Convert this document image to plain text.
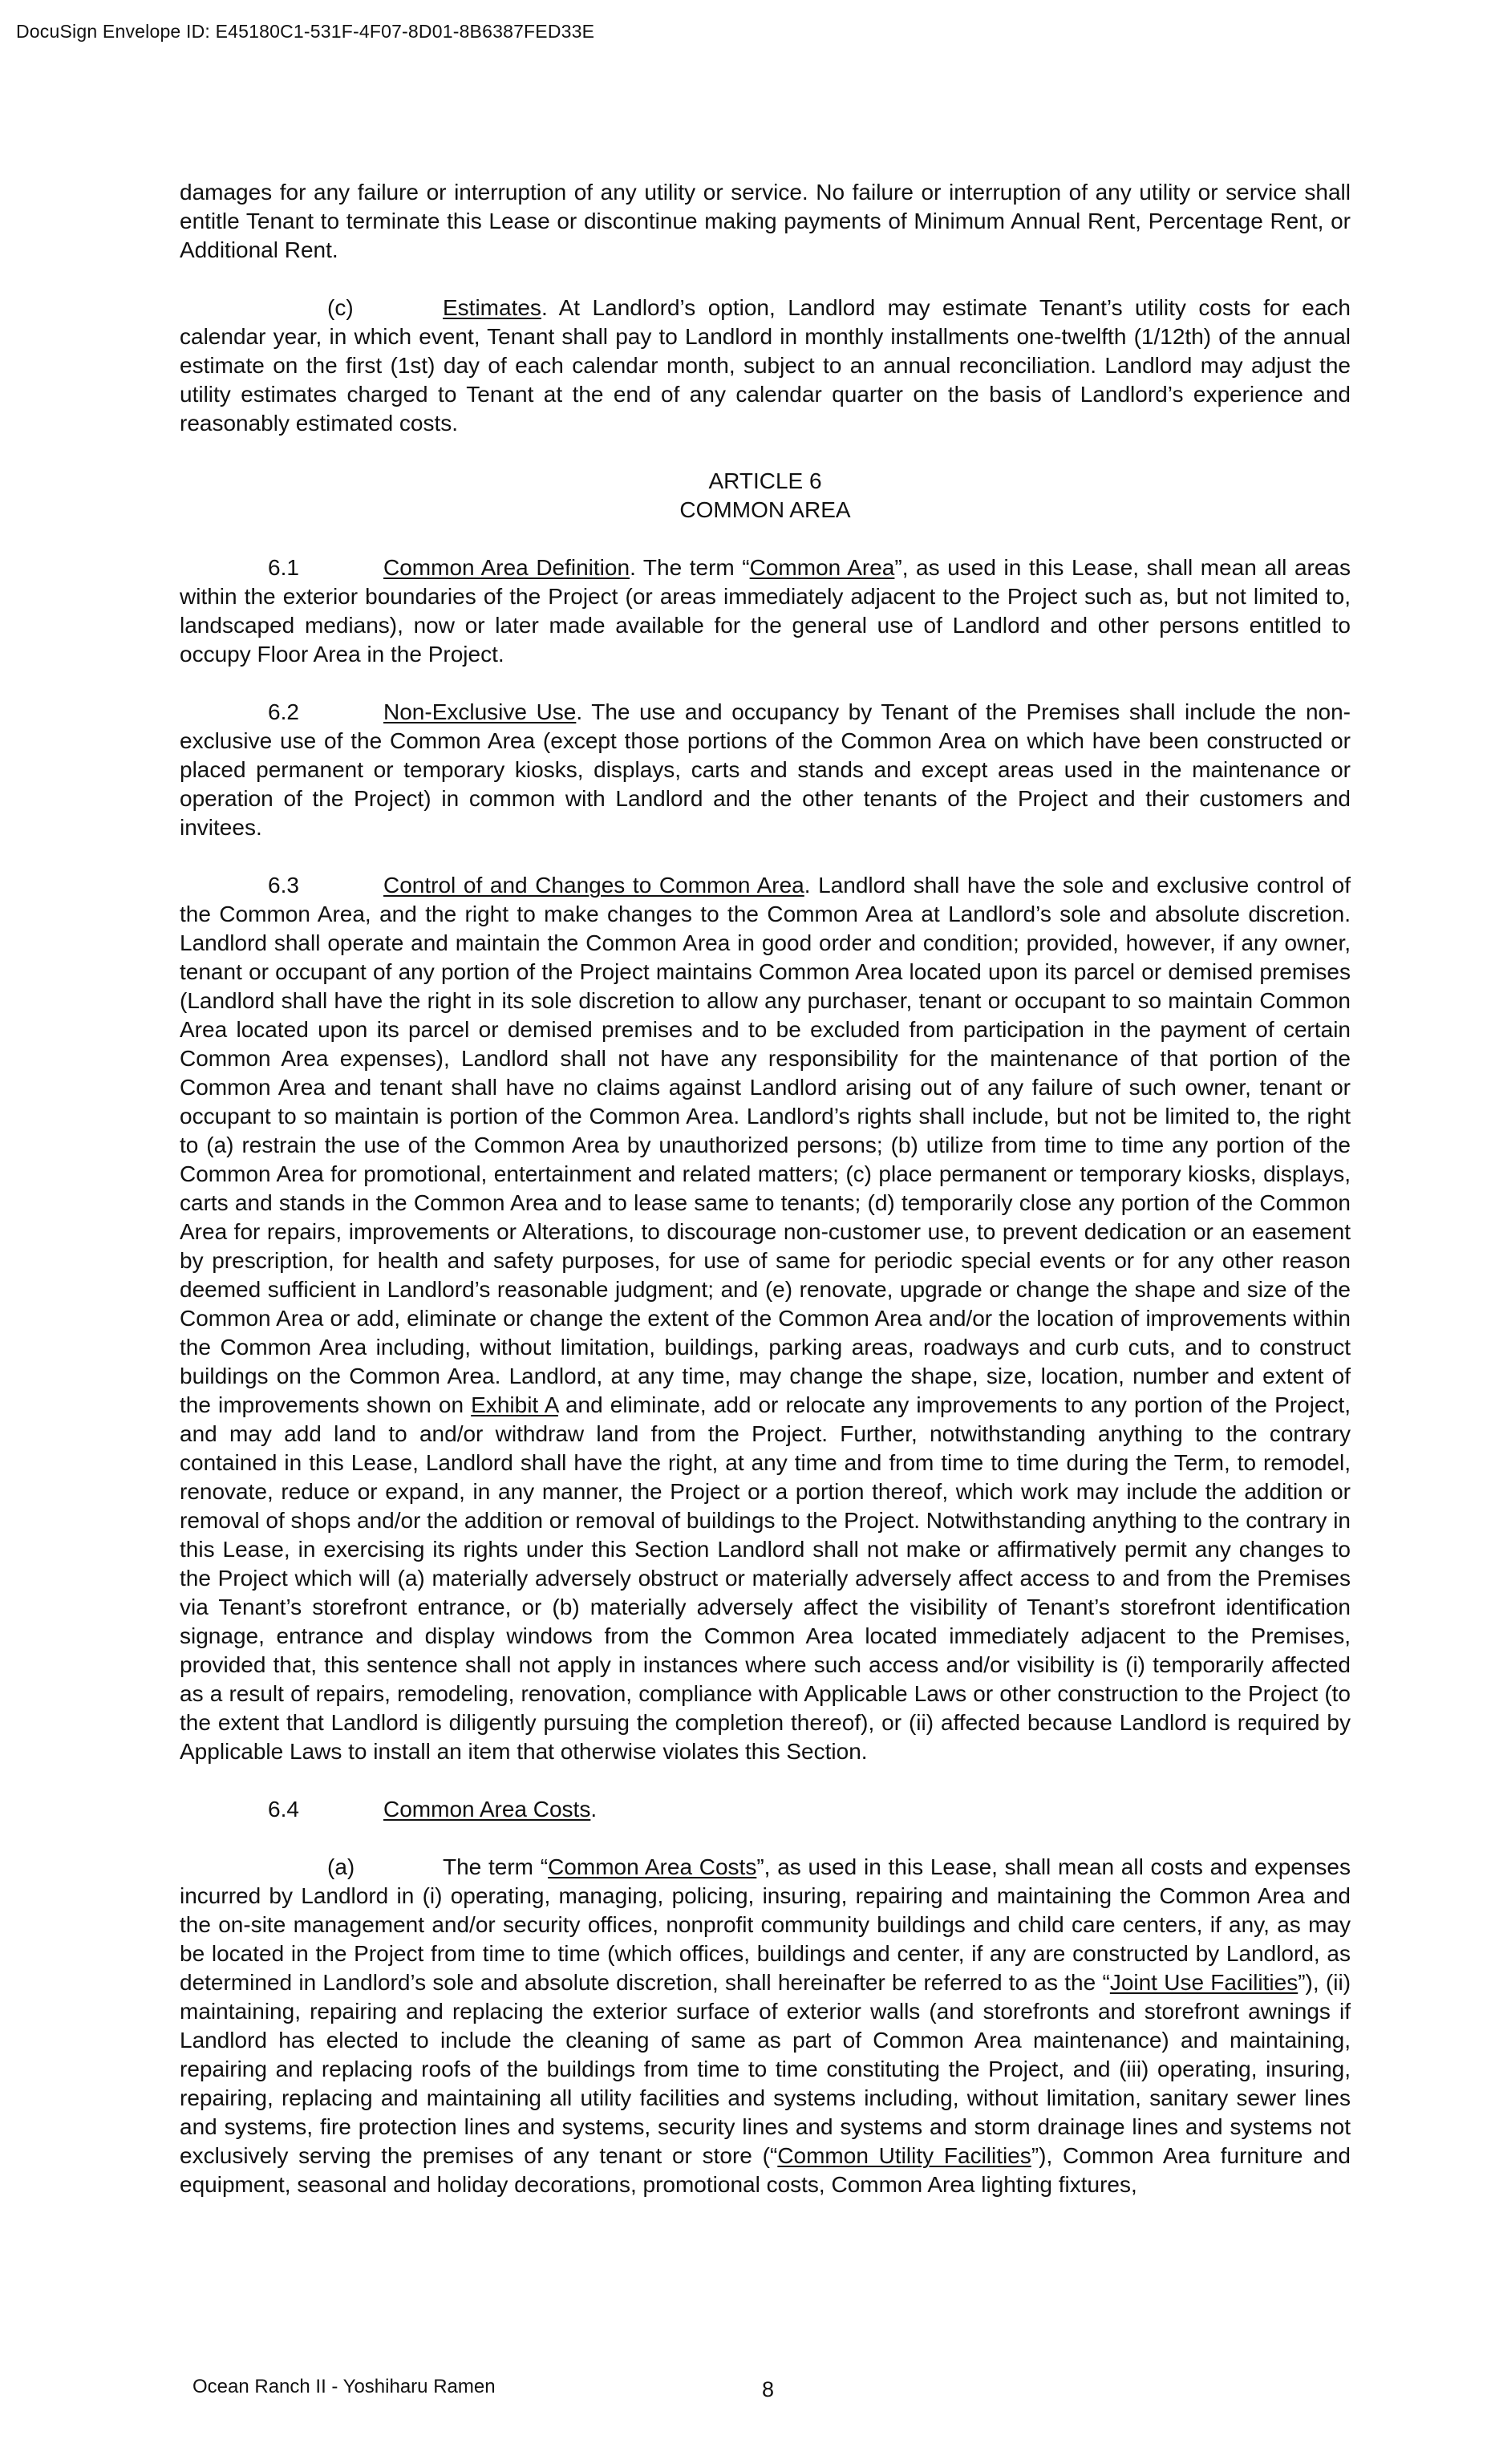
DocuSign Envelope ID: E45180C1-531F-4F07-8D01-8B6387FED33E

damages for any failure or interruption of any utility or service. No failure or interruption of any utility or service shall entitle Tenant to terminate this Lease or discontinue making payments of Minimum Annual Rent, Percentage Rent, or Additional Rent.

(c)	Estimates. At Landlord’s option, Landlord may estimate Tenant’s utility costs for each calendar year, in which event, Tenant shall pay to Landlord in monthly installments one-twelfth (1/12th) of the annual estimate on the first (1st) day of each calendar month, subject to an annual reconciliation. Landlord may adjust the utility estimates charged to Tenant at the end of any calendar quarter on the basis of Landlord’s experience and reasonably estimated costs.

ARTICLE 6
COMMON AREA

6.1	Common Area Definition. The term “Common Area”, as used in this Lease, shall mean all areas within the exterior boundaries of the Project (or areas immediately adjacent to the Project such as, but not limited to, landscaped medians), now or later made available for the general use of Landlord and other persons entitled to occupy Floor Area in the Project.

6.2	Non-Exclusive Use. The use and occupancy by Tenant of the Premises shall include the non-exclusive use of the Common Area (except those portions of the Common Area on which have been constructed or placed permanent or temporary kiosks, displays, carts and stands and except areas used in the maintenance or operation of the Project) in common with Landlord and the other tenants of the Project and their customers and invitees.

6.3	Control of and Changes to Common Area. Landlord shall have the sole and exclusive control of the Common Area, and the right to make changes to the Common Area at Landlord’s sole and absolute discretion. Landlord shall operate and maintain the Common Area in good order and condition; provided, however, if any owner, tenant or occupant of any portion of the Project maintains Common Area located upon its parcel or demised premises (Landlord shall have the right in its sole discretion to allow any purchaser, tenant or occupant to so maintain Common Area located upon its parcel or demised premises and to be excluded from participation in the payment of certain Common Area expenses), Landlord shall not have any responsibility for the maintenance of that portion of the Common Area and tenant shall have no claims against Landlord arising out of any failure of such owner, tenant or occupant to so maintain is portion of the Common Area. Landlord’s rights shall include, but not be limited to, the right to (a) restrain the use of the Common Area by unauthorized persons; (b) utilize from time to time any portion of the Common Area for promotional, entertainment and related matters; (c) place permanent or temporary kiosks, displays, carts and stands in the Common Area and to lease same to tenants; (d) temporarily close any portion of the Common Area for repairs, improvements or Alterations, to discourage non-customer use, to prevent dedication or an easement by prescription, for health and safety purposes, for use of same for periodic special events or for any other reason deemed sufficient in Landlord’s reasonable judgment; and (e) renovate, upgrade or change the shape and size of the Common Area or add, eliminate or change the extent of the Common Area and/or the location of improvements within the Common Area including, without limitation, buildings, parking areas, roadways and curb cuts, and to construct buildings on the Common Area. Landlord, at any time, may change the shape, size, location, number and extent of the improvements shown on Exhibit A and eliminate, add or relocate any improvements to any portion of the Project, and may add land to and/or withdraw land from the Project. Further, notwithstanding anything to the contrary contained in this Lease, Landlord shall have the right, at any time and from time to time during the Term, to remodel, renovate, reduce or expand, in any manner, the Project or a portion thereof, which work may include the addition or removal of shops and/or the addition or removal of buildings to the Project. Notwithstanding anything to the contrary in this Lease, in exercising its rights under this Section Landlord shall not make or affirmatively permit any changes to the Project which will (a) materially adversely obstruct or materially adversely affect access to and from the Premises via Tenant’s storefront entrance, or (b) materially adversely affect the visibility of Tenant’s storefront identification signage, entrance and display windows from the Common Area located immediately adjacent to the Premises, provided that, this sentence shall not apply in instances where such access and/or visibility is (i) temporarily affected as a result of repairs, remodeling, renovation, compliance with Applicable Laws or other construction to the Project (to the extent that Landlord is diligently pursuing the completion thereof), or (ii) affected because Landlord is required by Applicable Laws to install an item that otherwise violates this Section.

6.4	Common Area Costs.

(a)	The term “Common Area Costs”, as used in this Lease, shall mean all costs and expenses incurred by Landlord in (i) operating, managing, policing, insuring, repairing and maintaining the Common Area and the on-site management and/or security offices, nonprofit community buildings and child care centers, if any, as may be located in the Project from time to time (which offices, buildings and center, if any are constructed by Landlord, as determined in Landlord’s sole and absolute discretion, shall hereinafter be referred to as the “Joint Use Facilities”), (ii) maintaining, repairing and replacing the exterior surface of exterior walls (and storefronts and storefront awnings if Landlord has elected to include the cleaning of same as part of Common Area maintenance) and maintaining, repairing and replacing roofs of the buildings from time to time constituting the Project, and (iii) operating, insuring, repairing, replacing and maintaining all utility facilities and systems including, without limitation, sanitary sewer lines and systems, fire protection lines and systems, security lines and systems and storm drainage lines and systems not exclusively serving the premises of any tenant or store (“Common Utility Facilities”), Common Area furniture and equipment, seasonal and holiday decorations, promotional costs, Common Area lighting fixtures,

Ocean Ranch II - Yoshiharu Ramen	8
